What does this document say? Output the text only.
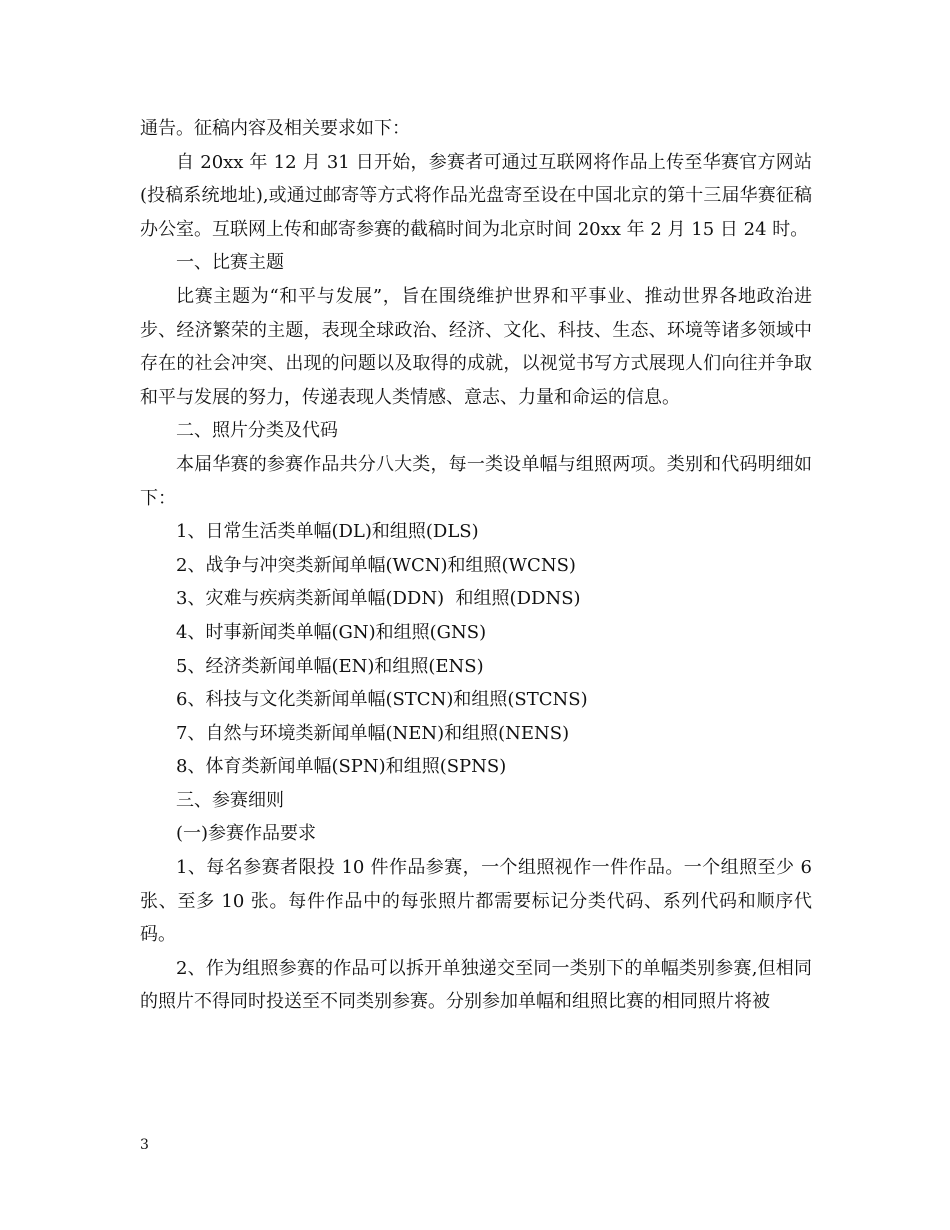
通告。征稿内容及相关要求如下：

自 20xx 年 12 月 31 日开始，参赛者可通过互联网将作品上传至华赛官方网站(投稿系统地址),或通过邮寄等方式将作品光盘寄至设在中国北京的第十三届华赛征稿办公室。互联网上传和邮寄参赛的截稿时间为北京时间 20xx 年 2 月 15 日 24 时。

一、比赛主题

比赛主题为“和平与发展”，旨在围绕维护世界和平事业、推动世界各地政治进步、经济繁荣的主题，表现全球政治、经济、文化、科技、生态、环境等诸多领域中存在的社会冲突、出现的问题以及取得的成就，以视觉书写方式展现人们向往并争取和平与发展的努力，传递表现人类情感、意志、力量和命运的信息。

二、照片分类及代码

本届华赛的参赛作品共分八大类，每一类设单幅与组照两项。类别和代码明细如下：

1、日常生活类单幅(DL)和组照(DLS)

2、战争与冲突类新闻单幅(WCN)和组照(WCNS)

3、灾难与疾病类新闻单幅(DDN)  和组照(DDNS)

4、时事新闻类单幅(GN)和组照(GNS)

5、经济类新闻单幅(EN)和组照(ENS)

6、科技与文化类新闻单幅(STCN)和组照(STCNS)

7、自然与环境类新闻单幅(NEN)和组照(NENS)

8、体育类新闻单幅(SPN)和组照(SPNS)

三、参赛细则

(一)参赛作品要求

1、每名参赛者限投 10 件作品参赛，一个组照视作一件作品。一个组照至少 6 张、至多 10 张。每件作品中的每张照片都需要标记分类代码、系列代码和顺序代码。

2、作为组照参赛的作品可以拆开单独递交至同一类别下的单幅类别参赛,但相同的照片不得同时投送至不同类别参赛。分别参加单幅和组照比赛的相同照片将被

3
